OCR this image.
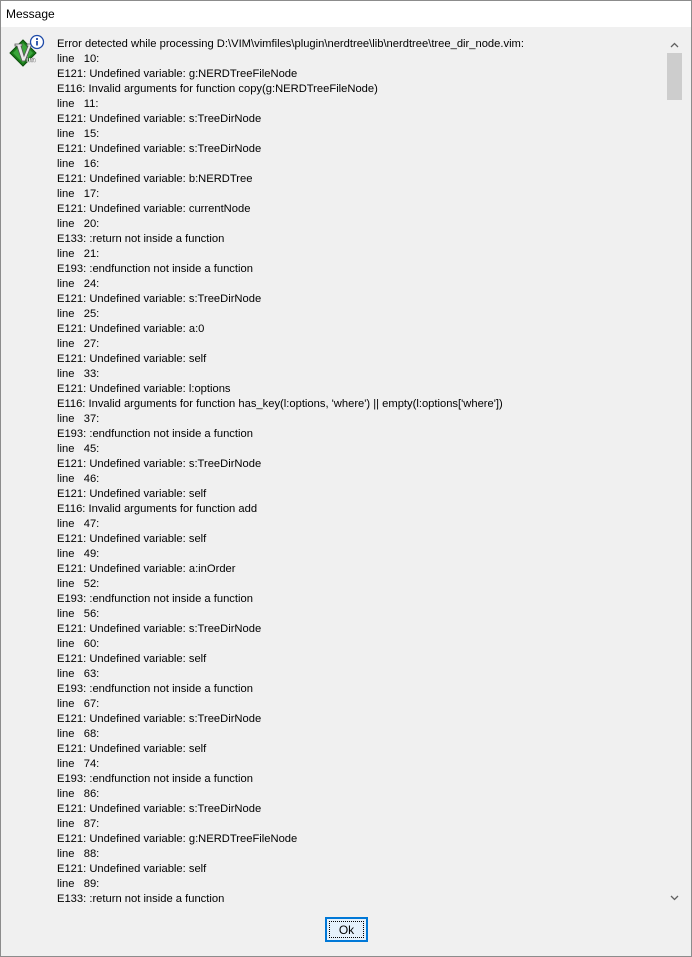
Message
im
Error detected while processing D:\VIM\vimfiles\plugin\nerdtree\lib\nerdtree\tree_dir_node.vim:
line   10:
E121: Undefined variable: g:NERDTreeFileNode
E116: Invalid arguments for function copy(g:NERDTreeFileNode)
line   11:
E121: Undefined variable: s:TreeDirNode
line   15:
E121: Undefined variable: s:TreeDirNode
line   16:
E121: Undefined variable: b:NERDTree
line   17:
E121: Undefined variable: currentNode
line   20:
E133: :return not inside a function
line   21:
E193: :endfunction not inside a function
line   24:
E121: Undefined variable: s:TreeDirNode
line   25:
E121: Undefined variable: a:0
line   27:
E121: Undefined variable: self
line   33:
E121: Undefined variable: l:options
E116: Invalid arguments for function has_key(l:options, 'where') || empty(l:options['where'])
line   37:
E193: :endfunction not inside a function
line   45:
E121: Undefined variable: s:TreeDirNode
line   46:
E121: Undefined variable: self
E116: Invalid arguments for function add
line   47:
E121: Undefined variable: self
line   49:
E121: Undefined variable: a:inOrder
line   52:
E193: :endfunction not inside a function
line   56:
E121: Undefined variable: s:TreeDirNode
line   60:
E121: Undefined variable: self
line   63:
E193: :endfunction not inside a function
line   67:
E121: Undefined variable: s:TreeDirNode
line   68:
E121: Undefined variable: self
line   74:
E193: :endfunction not inside a function
line   86:
E121: Undefined variable: s:TreeDirNode
line   87:
E121: Undefined variable: g:NERDTreeFileNode
line   88:
E121: Undefined variable: self
line   89:
E133: :return not inside a function
Ok
